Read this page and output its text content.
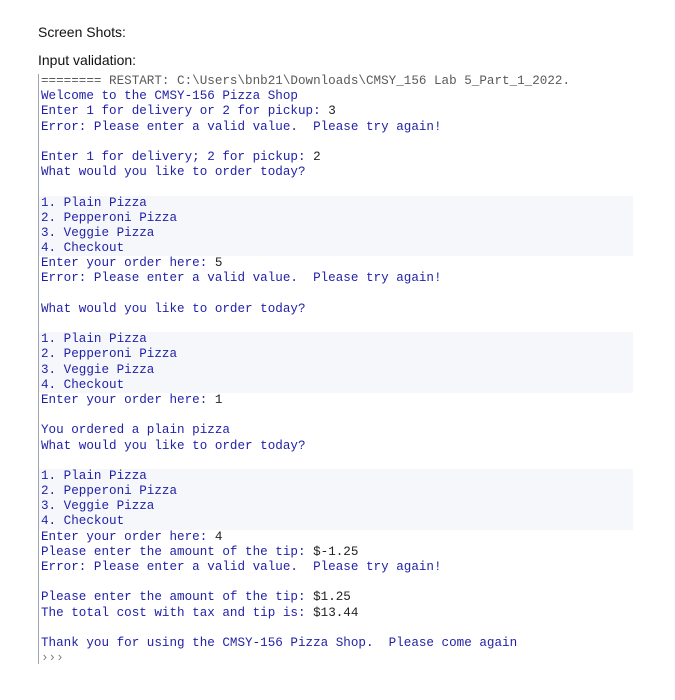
Screen Shots:
Input validation:
======== RESTART: C:\Users\bnb21\Downloads\CMSY_156 Lab 5_Part_1_2022.
Welcome to the CMSY-156 Pizza Shop
Enter 1 for delivery or 2 for pickup: 3
Error: Please enter a valid value.  Please try again!
Enter 1 for delivery; 2 for pickup: 2
What would you like to order today?
1. Plain Pizza
2. Pepperoni Pizza
3. Veggie Pizza
4. Checkout
Enter your order here: 5
Error: Please enter a valid value.  Please try again!
What would you like to order today?
1. Plain Pizza
2. Pepperoni Pizza
3. Veggie Pizza
4. Checkout
Enter your order here: 1
You ordered a plain pizza
What would you like to order today?
1. Plain Pizza
2. Pepperoni Pizza
3. Veggie Pizza
4. Checkout
Enter your order here: 4
Please enter the amount of the tip: $-1.25
Error: Please enter a valid value.  Please try again!
Please enter the amount of the tip: $1.25
The total cost with tax and tip is: $13.44
Thank you for using the CMSY-156 Pizza Shop.  Please come again
›››
